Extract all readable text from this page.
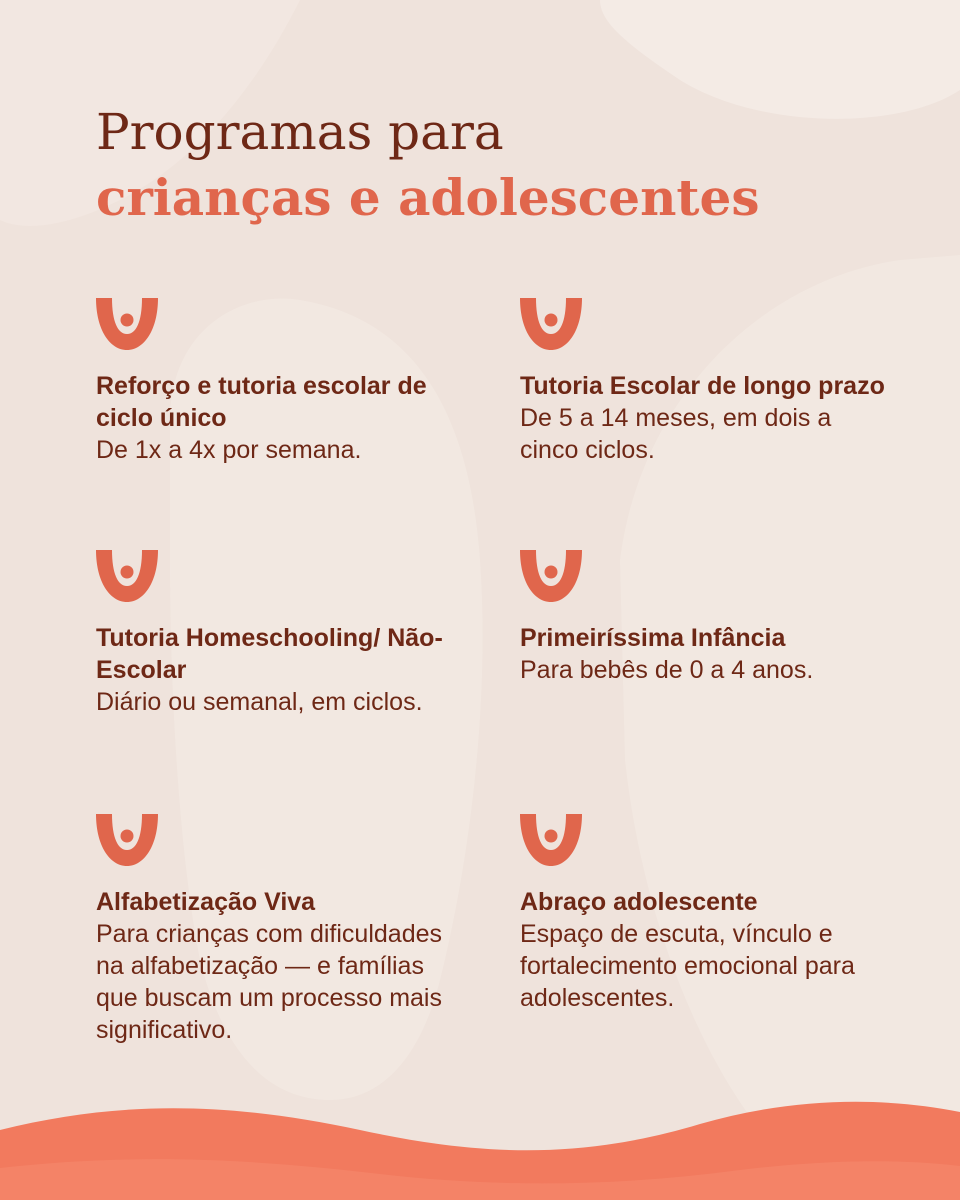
Programas para
crianças e adolescentes

Reforço e tutoria escolar de ciclo único

De 1x a 4x por semana.

Tutoria Escolar de longo prazo

De 5 a 14 meses, em dois a cinco ciclos.

Tutoria Homeschooling/ Não-Escolar

Diário ou semanal, em ciclos.

Primeiríssima Infância

Para bebês de 0 a 4 anos.

Alfabetização Viva

Para crianças com dificuldades na alfabetização — e famílias que buscam um processo mais significativo.

Abraço adolescente

Espaço de escuta, vínculo e fortalecimento emocional para adolescentes.
